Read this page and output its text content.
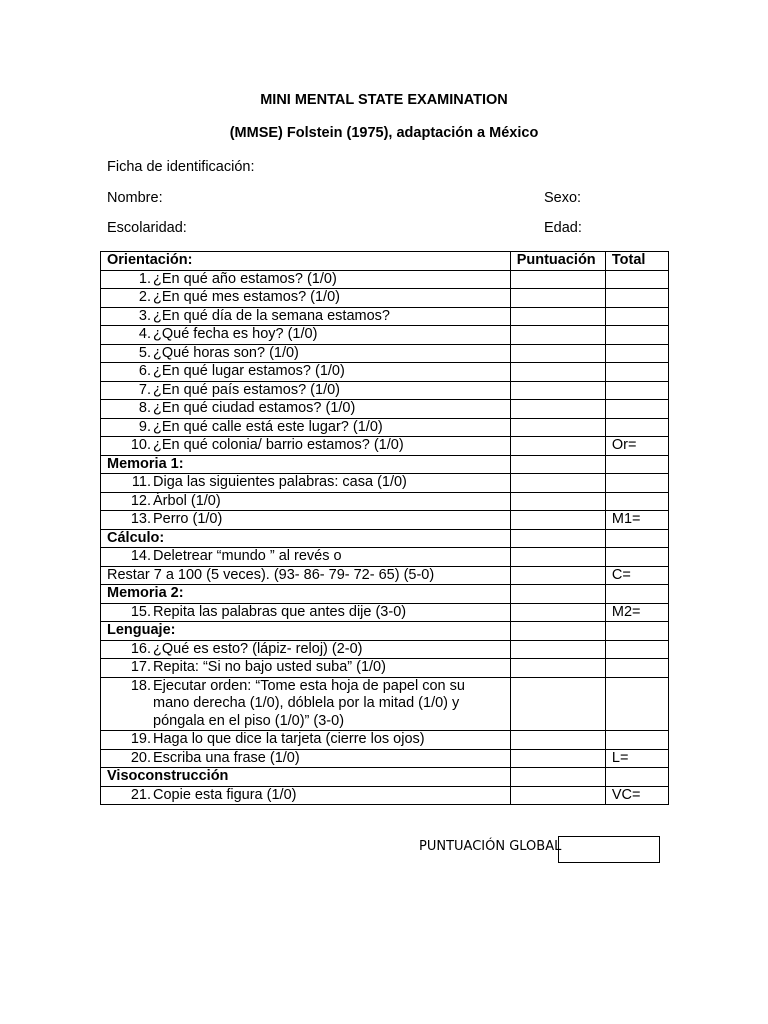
MINI MENTAL STATE EXAMINATION
(MMSE) Folstein (1975), adaptación a México
Ficha de identificación:
Nombre:	Sexo:
Escolaridad:	Edad:
Orientación:	Puntuación	Total

1. ¿En qué año estamos? (1/0)		

2. ¿En qué mes estamos? (1/0)		

3. ¿En qué día de la semana estamos?		

4. ¿Qué fecha es hoy? (1/0)		

5. ¿Qué horas son? (1/0)		

6. ¿En qué lugar estamos? (1/0)		

7. ¿En qué país estamos? (1/0)		

8. ¿En qué ciudad estamos? (1/0)		

9. ¿En qué calle está este lugar? (1/0)		

10. ¿En qué colonia/ barrio estamos? (1/0)		Or=
Memoria 1:		

11. Diga las siguientes palabras: casa (1/0)		

12. Árbol (1/0)		

13. Perro (1/0)		M1=
Cálculo:		

14. Deletrear “mundo ” al revés o		

Restar 7 a 100 (5 veces). (93- 86- 79- 72- 65) (5-0)		C=
Memoria 2:		

15. Repita las palabras que antes dije (3-0)		M2=
Lenguaje:		

16. ¿Qué es esto? (lápiz- reloj) (2-0)		

17. Repita: “Si no bajo usted suba” (1/0)		

18. Ejecutar orden: “Tome esta hoja de papel con su mano derecha (1/0), dóblela por la mitad (1/0) y póngala en el piso (1/0)” (3-0)		

19. Haga lo que dice la tarjeta (cierre los ojos)		

20. Escriba una frase (1/0)		L=
Visoconstrucción		

21. Copie esta figura (1/0)		VC=
PUNTUACIÓN GLOBAL
